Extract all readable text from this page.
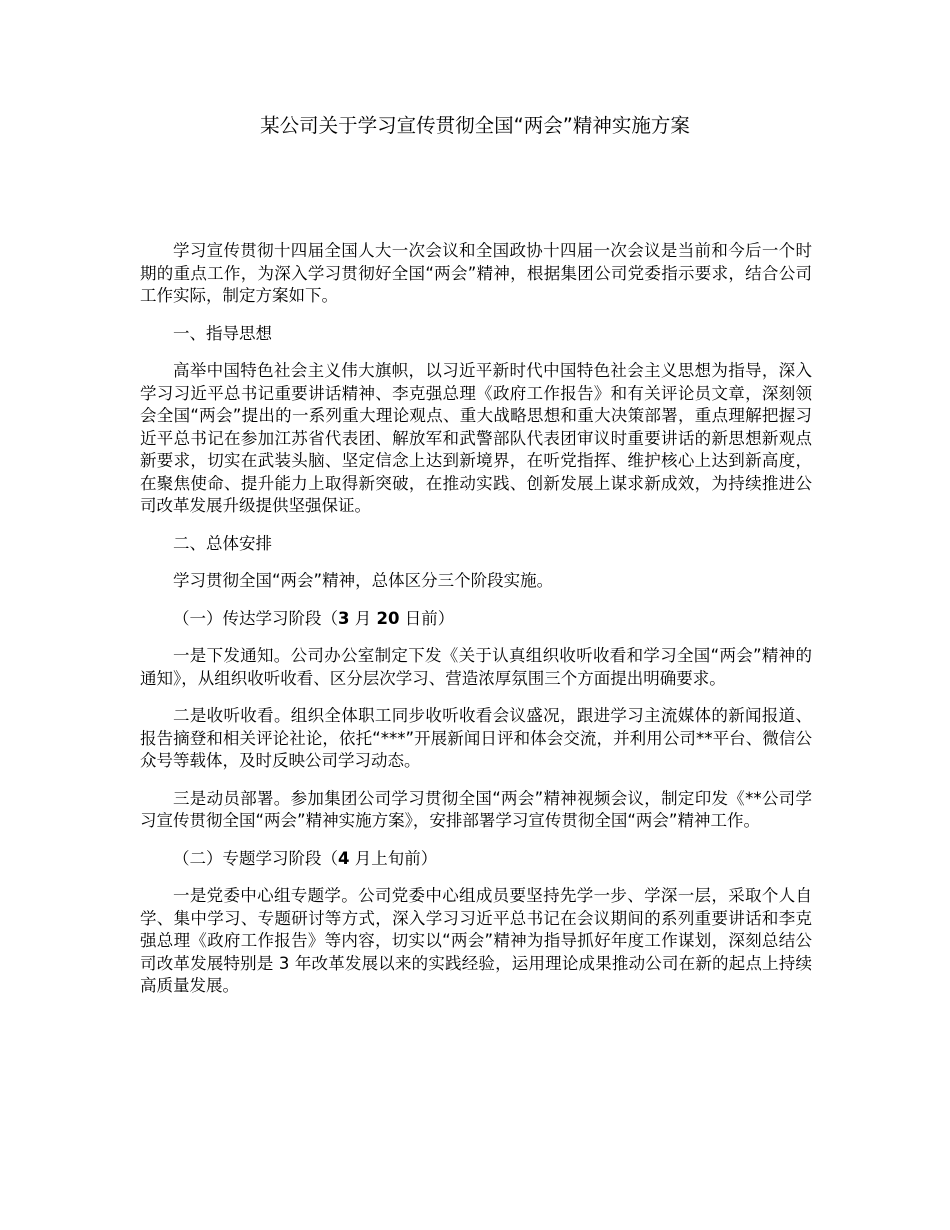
某公司关于学习宣传贯彻全国“两会”精神实施方案

学习宣传贯彻十四届全国人大一次会议和全国政协十四届一次会议是当前和今后一个时期的重点工作，为深入学习贯彻好全国“两会”精神，根据集团公司党委指示要求，结合公司工作实际，制定方案如下。

一、指导思想

高举中国特色社会主义伟大旗帜，以习近平新时代中国特色社会主义思想为指导，深入学习习近平总书记重要讲话精神、李克强总理《政府工作报告》和有关评论员文章，深刻领会全国“两会”提出的一系列重大理论观点、重大战略思想和重大决策部署，重点理解把握习近平总书记在参加江苏省代表团、解放军和武警部队代表团审议时重要讲话的新思想新观点新要求，切实在武装头脑、坚定信念上达到新境界，在听党指挥、维护核心上达到新高度，在聚焦使命、提升能力上取得新突破，在推动实践、创新发展上谋求新成效，为持续推进公司改革发展升级提供坚强保证。

二、总体安排

学习贯彻全国“两会”精神，总体区分三个阶段实施。

（一）传达学习阶段（3 月 20 日前）

一是下发通知。公司办公室制定下发《关于认真组织收听收看和学习全国“两会”精神的通知》，从组织收听收看、区分层次学习、营造浓厚氛围三个方面提出明确要求。

二是收听收看。组织全体职工同步收听收看会议盛况，跟进学习主流媒体的新闻报道、报告摘登和相关评论社论，依托“***”开展新闻日评和体会交流，并利用公司**平台、微信公众号等载体，及时反映公司学习动态。

三是动员部署。参加集团公司学习贯彻全国“两会”精神视频会议，制定印发《**公司学习宣传贯彻全国“两会”精神实施方案》，安排部署学习宣传贯彻全国“两会”精神工作。

（二）专题学习阶段（4 月上旬前）

一是党委中心组专题学。公司党委中心组成员要坚持先学一步、学深一层，采取个人自学、集中学习、专题研讨等方式，深入学习习近平总书记在会议期间的系列重要讲话和李克强总理《政府工作报告》等内容，切实以“两会”精神为指导抓好年度工作谋划，深刻总结公司改革发展特别是 3 年改革发展以来的实践经验，运用理论成果推动公司在新的起点上持续高质量发展。
